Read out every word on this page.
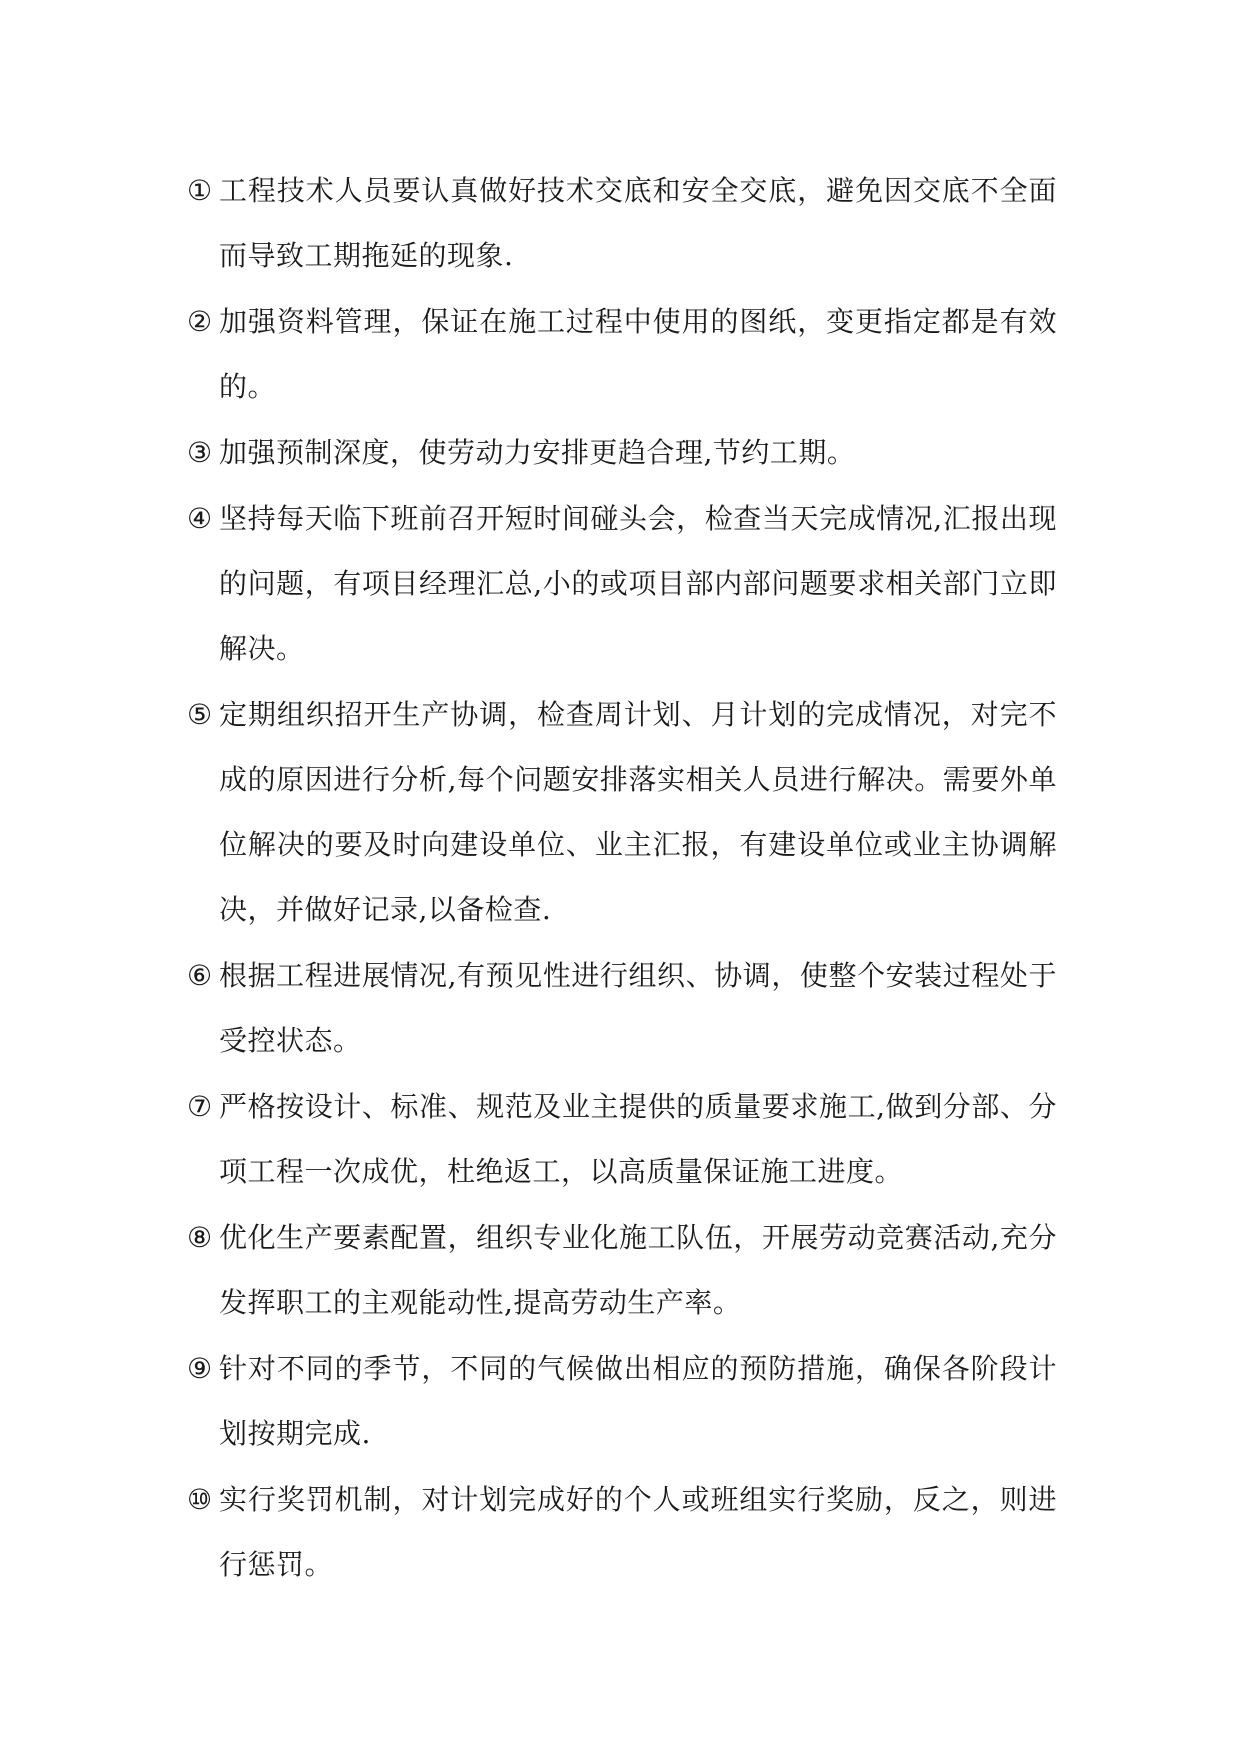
① 工程技术人员要认真做好技术交底和安全交底，避免因交底不全面而导致工期拖延的现象.
② 加强资料管理，保证在施工过程中使用的图纸，变更指定都是有效的。
③ 加强预制深度，使劳动力安排更趋合理,节约工期。
④ 坚持每天临下班前召开短时间碰头会，检查当天完成情况,汇报出现的问题，有项目经理汇总,小的或项目部内部问题要求相关部门立即解决。
⑤ 定期组织招开生产协调，检查周计划、月计划的完成情况，对完不成的原因进行分析,每个问题安排落实相关人员进行解决。需要外单位解决的要及时向建设单位、业主汇报，有建设单位或业主协调解决，并做好记录,以备检查.
⑥ 根据工程进展情况,有预见性进行组织、协调，使整个安装过程处于受控状态。
⑦ 严格按设计、标准、规范及业主提供的质量要求施工,做到分部、分项工程一次成优，杜绝返工，以高质量保证施工进度。
⑧ 优化生产要素配置，组织专业化施工队伍，开展劳动竞赛活动,充分发挥职工的主观能动性,提高劳动生产率。
⑨ 针对不同的季节，不同的气候做出相应的预防措施，确保各阶段计划按期完成.
⑩ 实行奖罚机制，对计划完成好的个人或班组实行奖励，反之，则进行惩罚。
